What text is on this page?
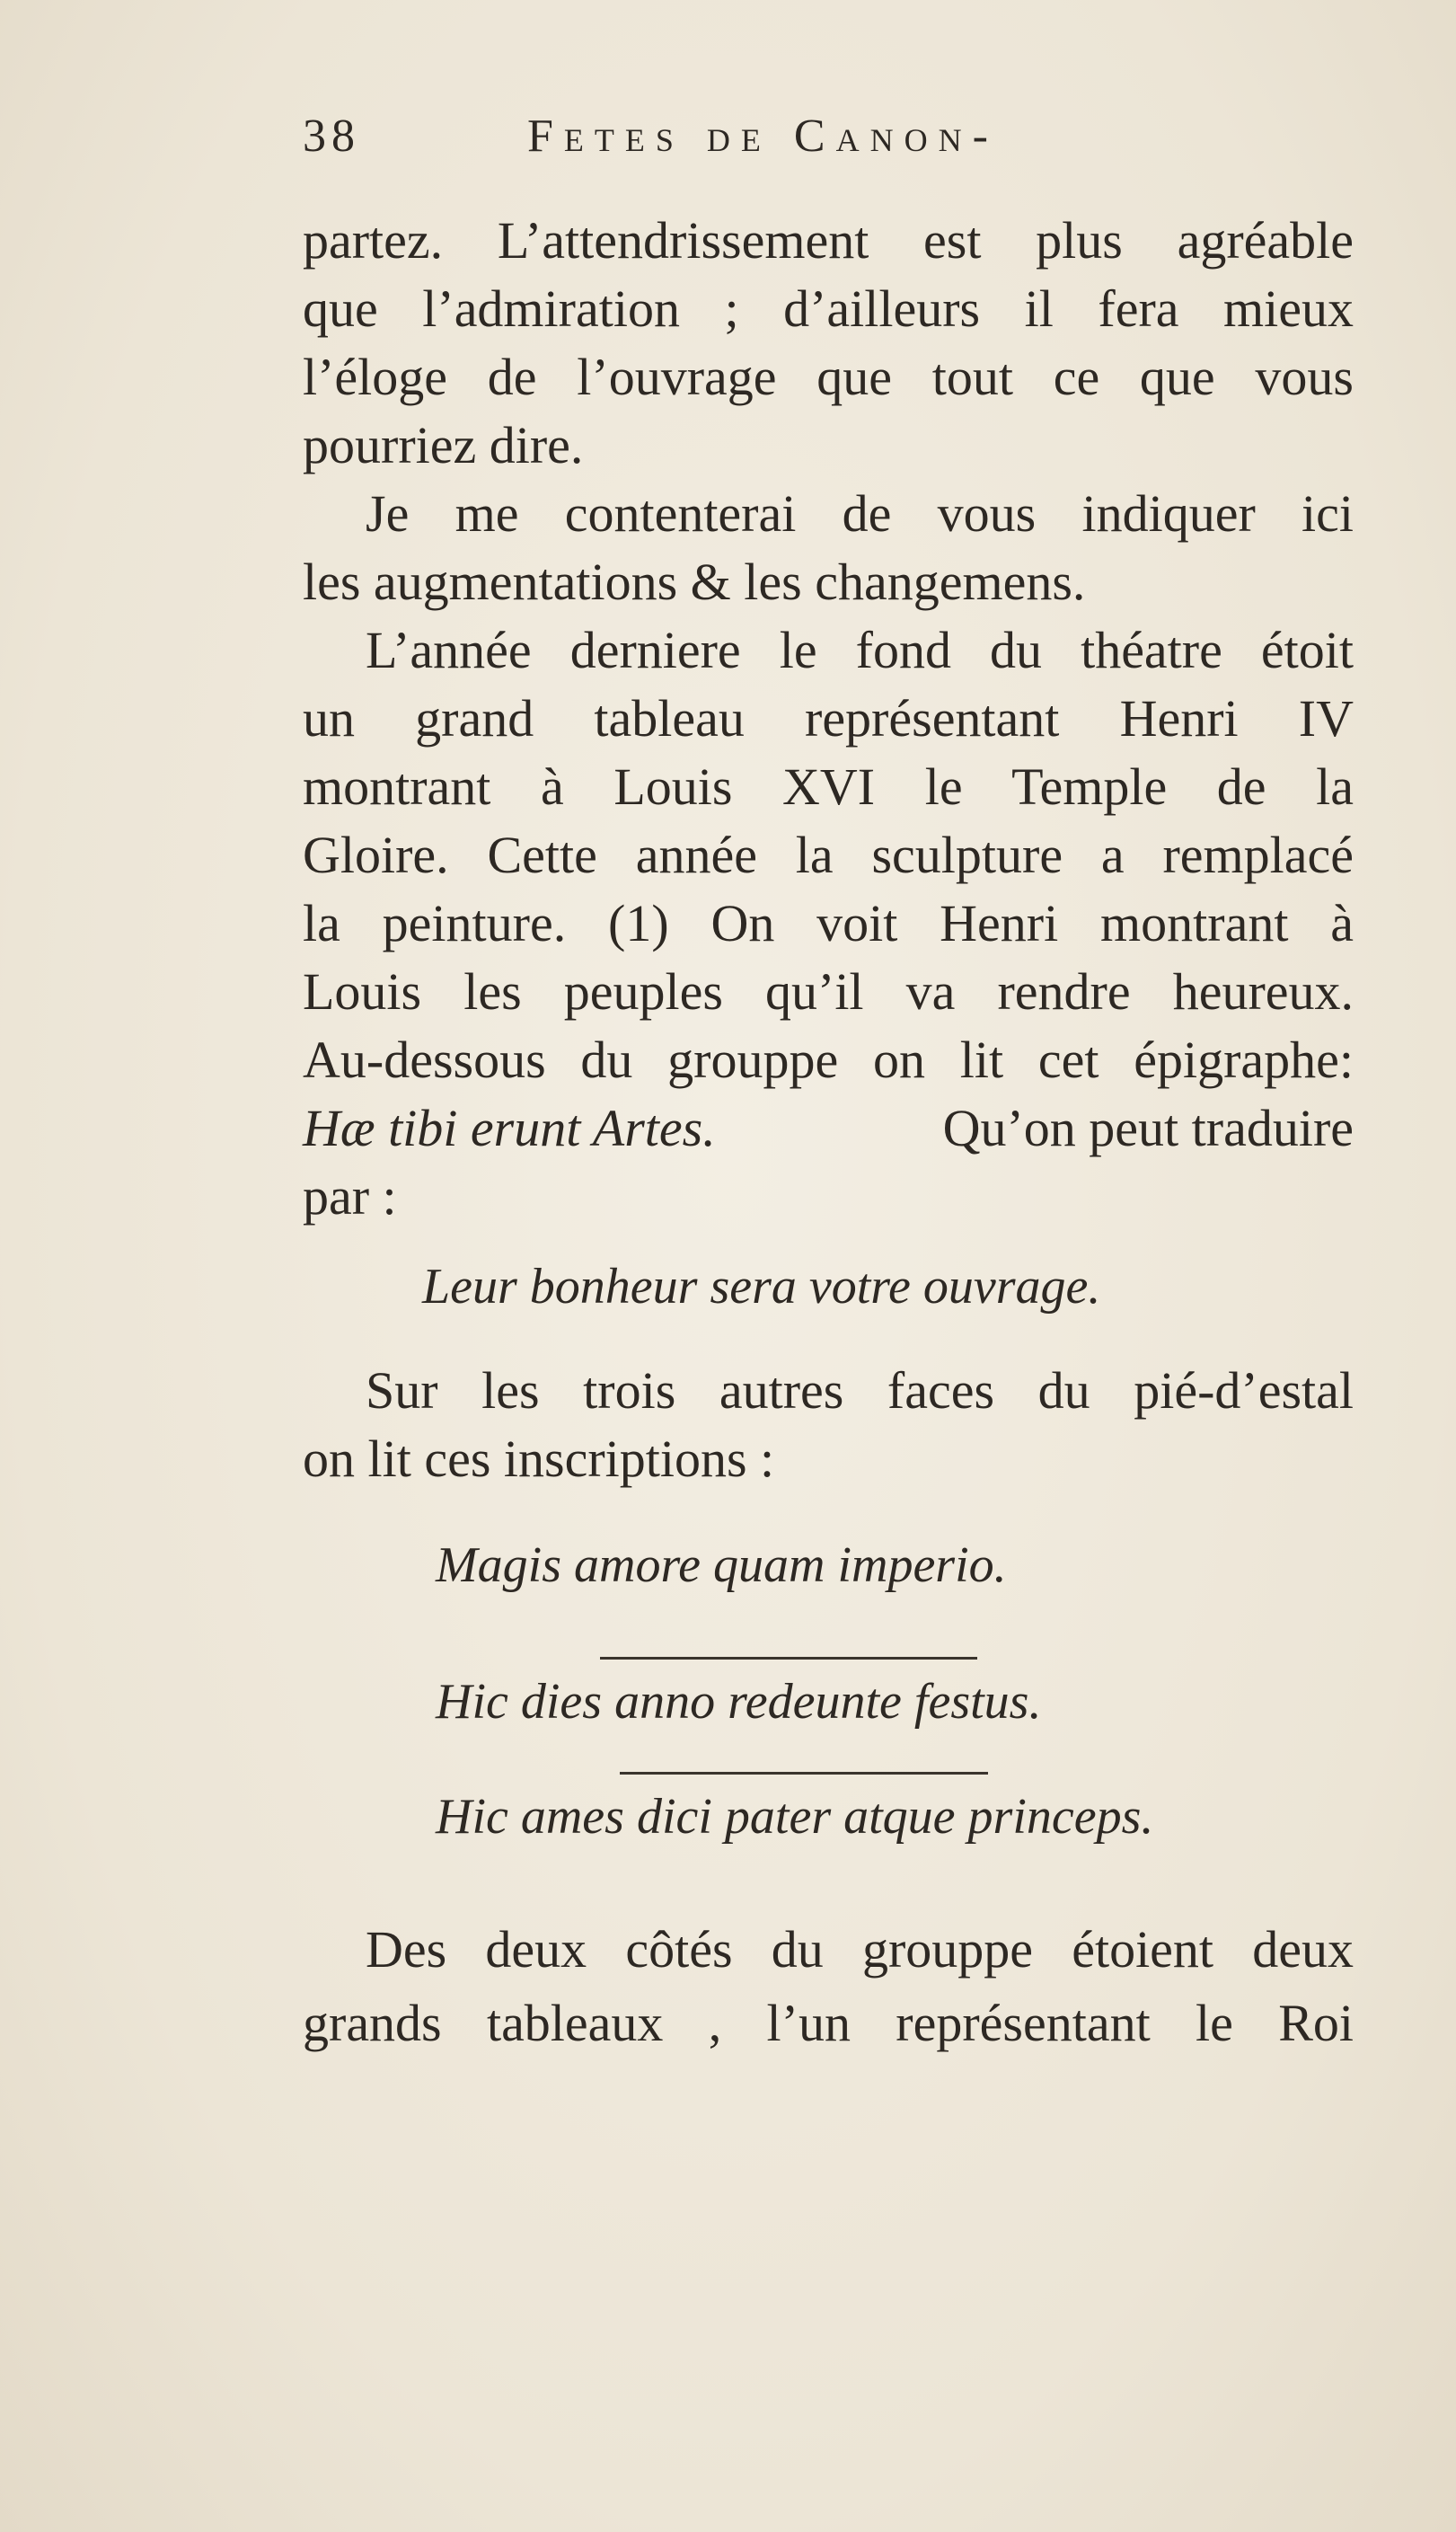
38	Fetes de Canon-
partez. L’attendrissement est plus agréable
que l’admiration ; d’ailleurs il fera mieux
l’éloge de l’ouvrage que tout ce que vous
pourriez dire.
Je me contenterai de vous indiquer ici
les augmentations & les changemens.
L’année derniere le fond du théatre étoit
un grand tableau représentant Henri IV
montrant à Louis XVI le Temple de la
Gloire. Cette année la sculpture a remplacé
la peinture. (1) On voit Henri montrant à
Louis les peuples qu’il va rendre heureux.
Au-dessous du grouppe on lit cet épigraphe:
Hæ tibi erunt Artes.	Qu’on peut traduire
par :
Leur bonheur sera votre ouvrage.
Sur les trois autres faces du pié-d’estal
on lit ces inscriptions :
Magis amore quam imperio.
Hic dies anno redeunte festus.
Hic ames dici pater atque princeps.
Des deux côtés du grouppe étoient deux
grands tableaux , l’un représentant le Roi
